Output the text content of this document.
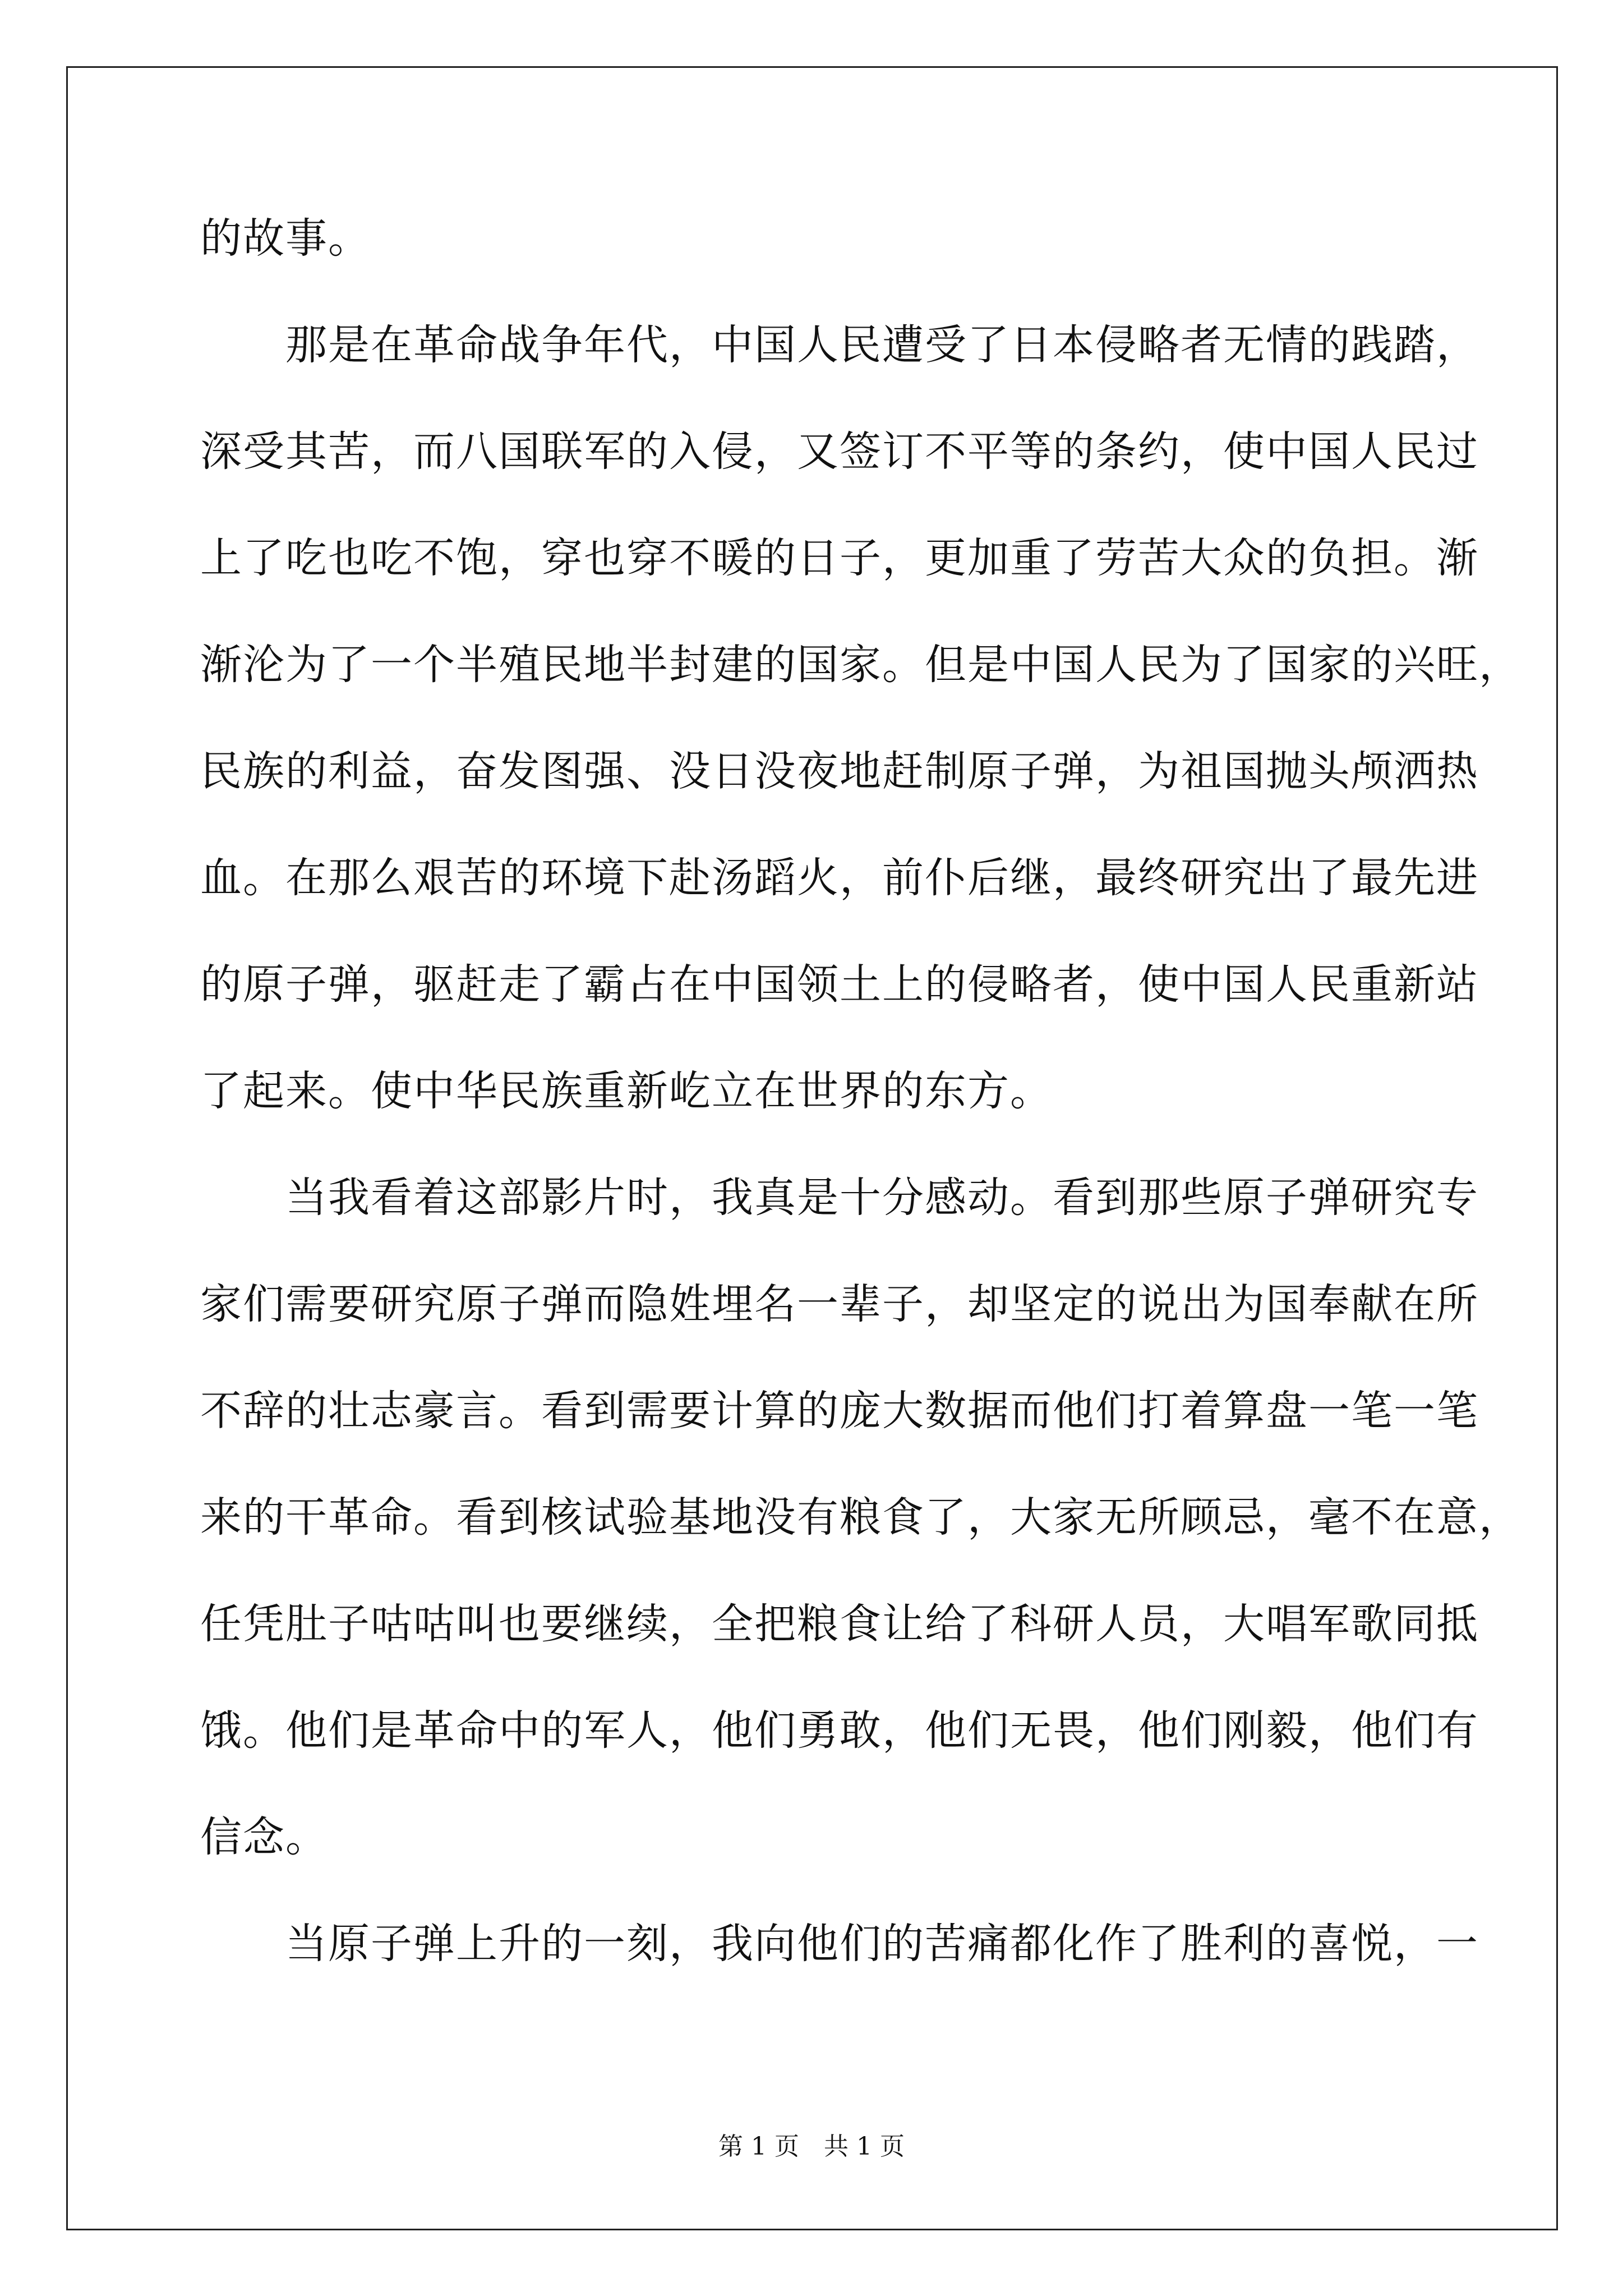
的故事。
　　那是在革命战争年代，中国人民遭受了日本侵略者无情的践踏，
深受其苦，而八国联军的入侵，又签订不平等的条约，使中国人民过
上了吃也吃不饱，穿也穿不暖的日子，更加重了劳苦大众的负担。渐
渐沦为了一个半殖民地半封建的国家。但是中国人民为了国家的兴旺，
民族的利益，奋发图强、没日没夜地赶制原子弹，为祖国抛头颅洒热
血。在那么艰苦的环境下赴汤蹈火，前仆后继，最终研究出了最先进
的原子弹，驱赶走了霸占在中国领土上的侵略者，使中国人民重新站
了起来。使中华民族重新屹立在世界的东方。
　　当我看着这部影片时，我真是十分感动。看到那些原子弹研究专
家们需要研究原子弹而隐姓埋名一辈子，却坚定的说出为国奉献在所
不辞的壮志豪言。看到需要计算的庞大数据而他们打着算盘一笔一笔
来的干革命。看到核试验基地没有粮食了，大家无所顾忌，毫不在意，
任凭肚子咕咕叫也要继续，全把粮食让给了科研人员，大唱军歌同抵
饿。他们是革命中的军人，他们勇敢，他们无畏，他们刚毅，他们有
信念。
　　当原子弹上升的一刻，我向他们的苦痛都化作了胜利的喜悦，一
第 1 页　共 1 页
